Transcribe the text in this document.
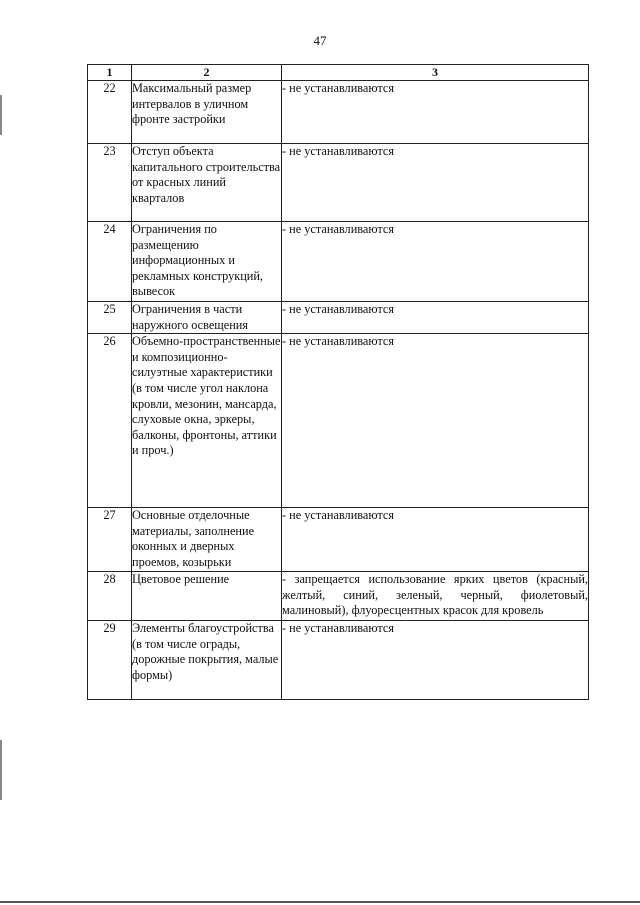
47
1	2	3
22	Максимальный размер интервалов в уличном фронте застройки	- не устанавливаются
23	Отступ объекта капитального строительства от красных линий кварталов	- не устанавливаются
24	Ограничения по размещению информационных и рекламных конструкций, вывесок	- не устанавливаются
25	Ограничения в части наружного освещения	- не устанавливаются
26	Объемно-пространственные и композиционно-силуэтные характеристики (в том числе угол наклона кровли, мезонин, мансарда, слуховые окна, эркеры, балконы, фронтоны, аттики и проч.)	- не устанавливаются
27	Основные отделочные материалы, заполнение оконных и дверных проемов, козырьки	- не устанавливаются
28	Цветовое решение	- запрещается использование ярких цветов (красный, желтый, синий, зеленый, черный, фиолетовый, малиновый), флуоресцентных красок для кровель
29	Элементы благоустройства (в том числе ограды, дорожные покрытия, малые формы)	- не устанавливаются
